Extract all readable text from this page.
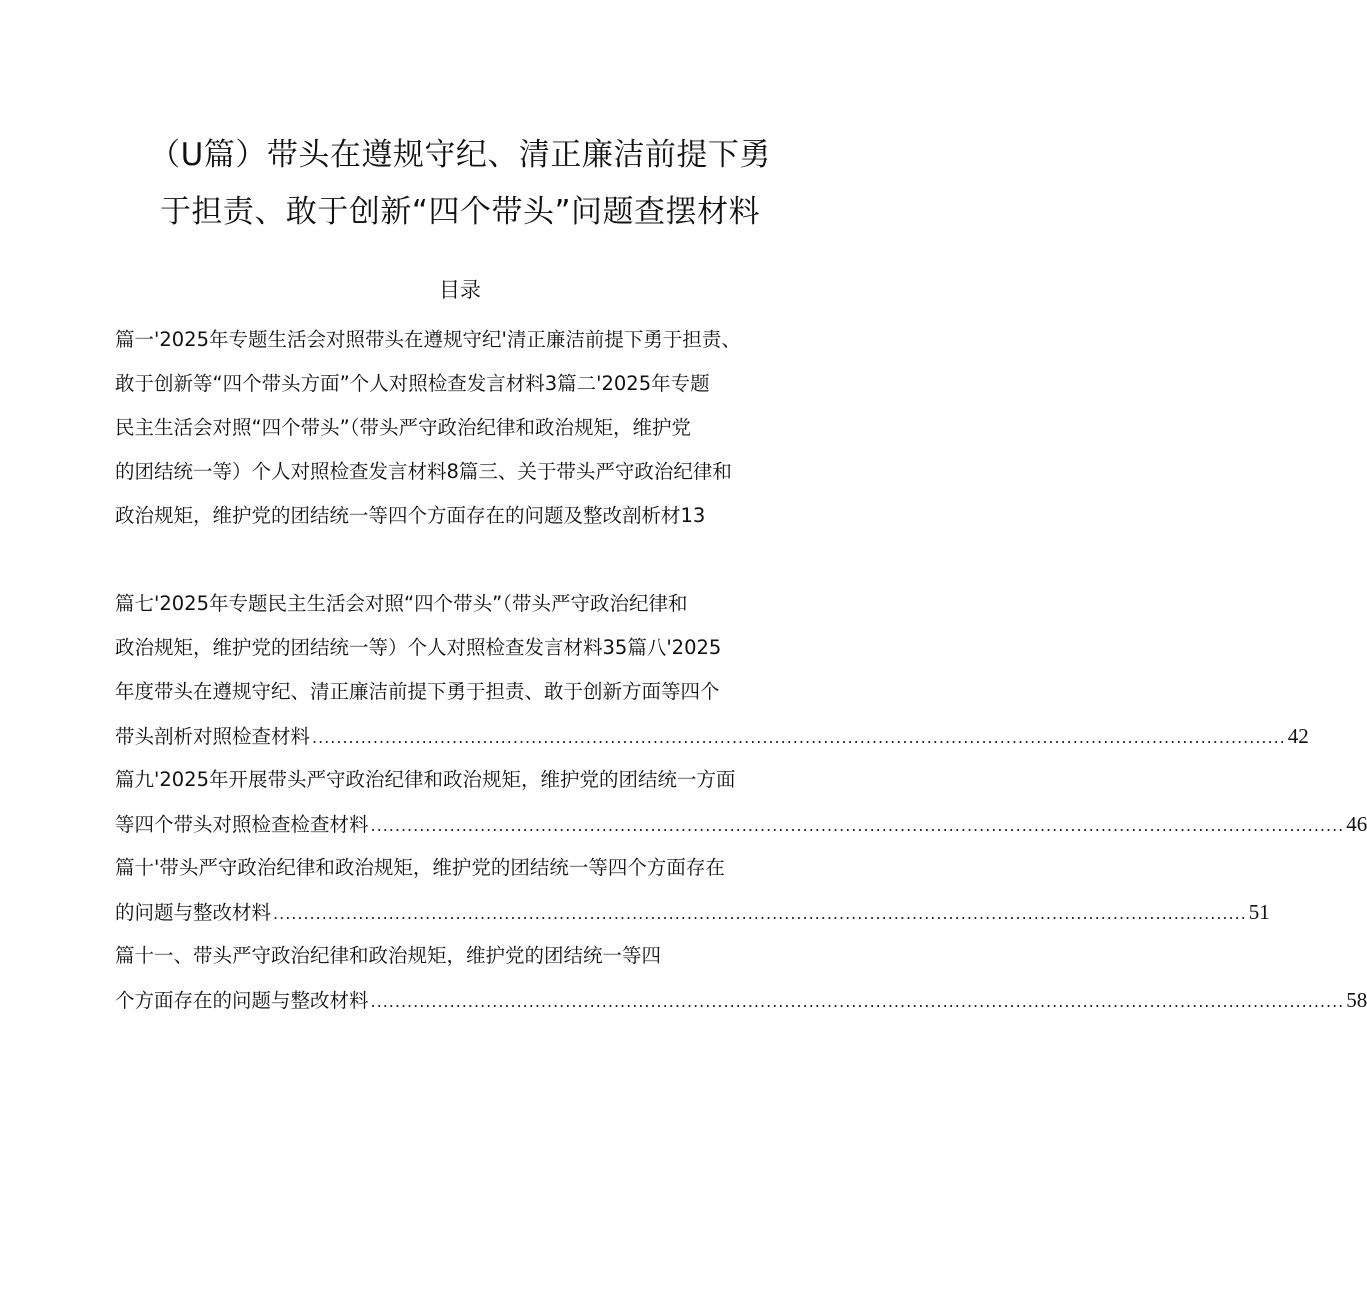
（U篇）带头在遵规守纪、清正廉洁前提下勇
于担责、敢于创新“四个带头”问题查摆材料
目录
篇一'2025年专题生活会对照带头在遵规守纪'清正廉洁前提下勇于担责、
敢于创新等“四个带头方面”个人对照检查发言材料3篇二'2025年专题
民主生活会对照“四个带头”（带头严守政治纪律和政治规矩，维护党
的团结统一等）个人对照检查发言材料8篇三、关于带头严守政治纪律和
政治规矩，维护党的团结统一等四个方面存在的问题及整改剖析材13
篇七'2025年专题民主生活会对照“四个带头”（带头严守政治纪律和
政治规矩，维护党的团结统一等）个人对照检查发言材料35篇八'2025
年度带头在遵规守纪、清正廉洁前提下勇于担责、敢于创新方面等四个
带头剖析对照检查材料 ................................................................................................................................................................ 42
篇九'2025年开展带头严守政治纪律和政治规矩，维护党的团结统一方面
等四个带头对照检查检查材料 ................................................................................................................................................................ 46
篇十'带头严守政治纪律和政治规矩，维护党的团结统一等四个方面存在
的问题与整改材料 ................................................................................................................................................................ 51
篇十一、带头严守政治纪律和政治规矩，维护党的团结统一等四
个方面存在的问题与整改材料 ................................................................................................................................................................ 58
